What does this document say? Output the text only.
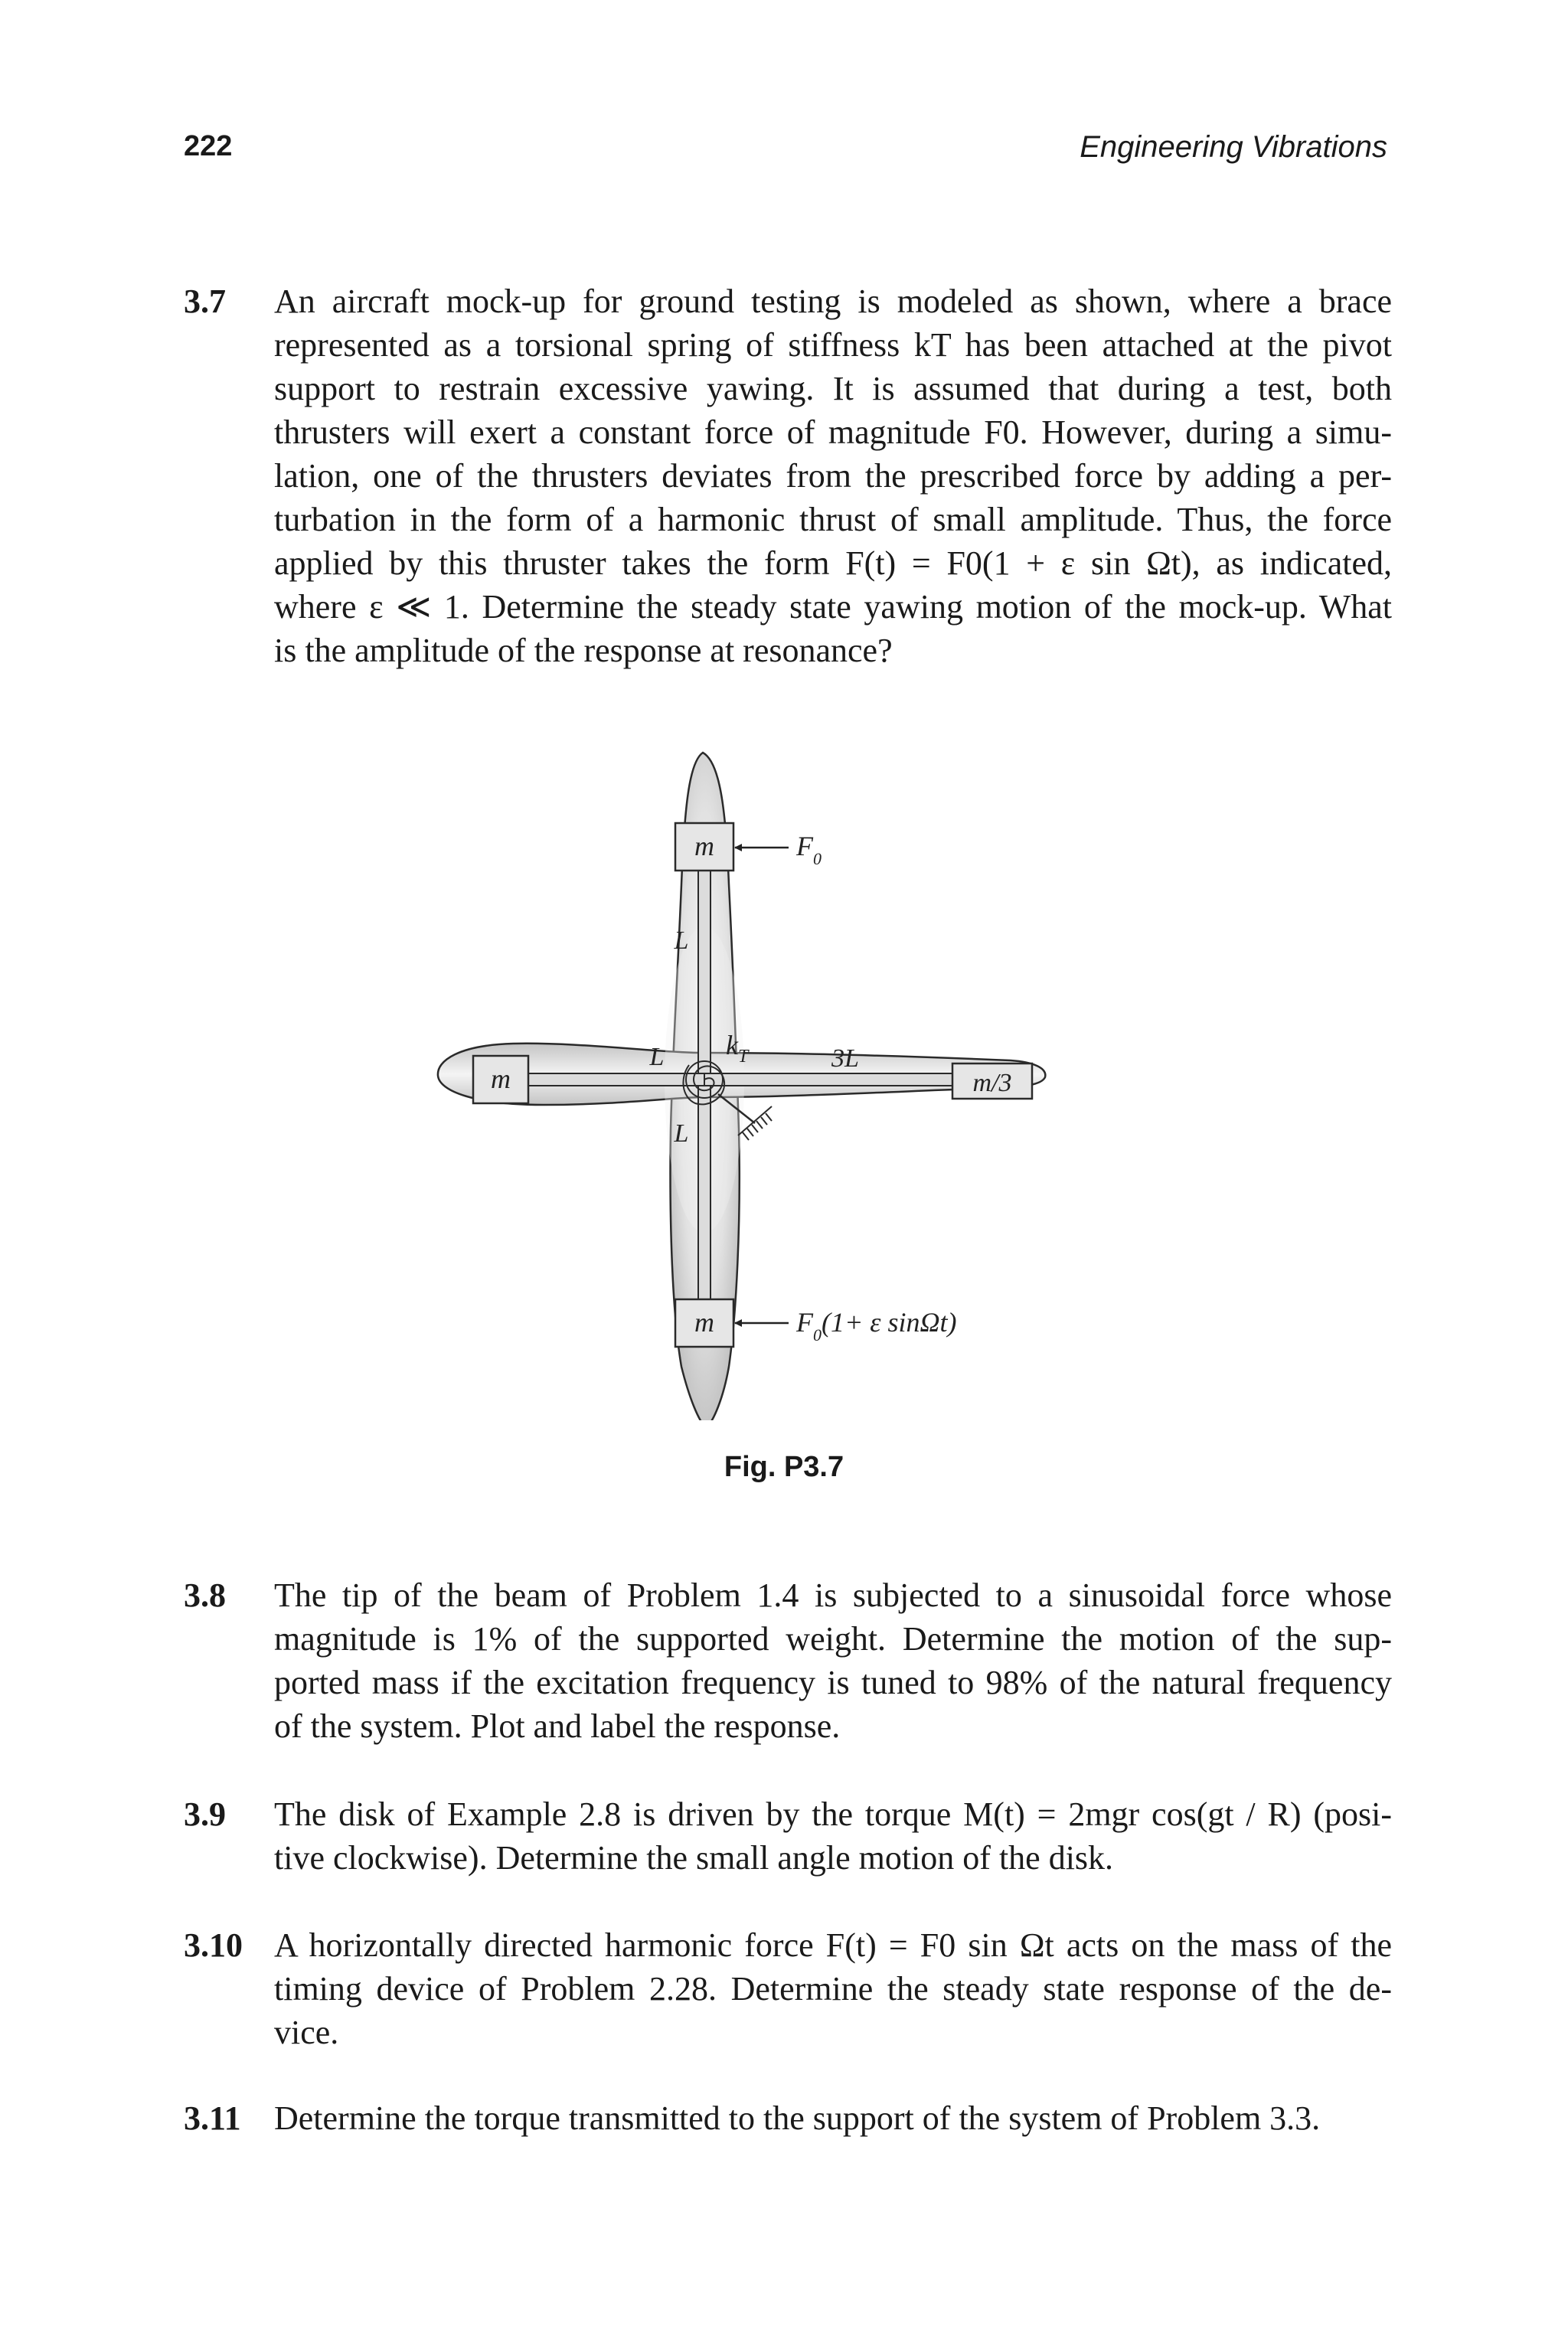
222	Engineering Vibrations
3.7 An aircraft mock-up for ground testing is modeled as shown, where a brace
represented as a torsional spring of stiffness kT has been attached at the pivot
support to restrain excessive yawing. It is assumed that during a test, both
thrusters will exert a constant force of magnitude F0. However, during a simu-
lation, one of the thrusters deviates from the prescribed force by adding a per-
turbation in the form of a harmonic thrust of small amplitude. Thus, the force
applied by this thruster takes the form F(t) = F0(1 + ε sin Ωt), as indicated,
where ε ≪ 1. Determine the steady state yawing motion of the mock-up. What
is the amplitude of the response at resonance?
m
m
m
m/3
L
L
L
3L
$k_T$
$F_0$
$F_0(1+ \varepsilon$ sinΩt)
Fig. P3.7
3.8 The tip of the beam of Problem 1.4 is subjected to a sinusoidal force whose
magnitude is 1% of the supported weight. Determine the motion of the sup-
ported mass if the excitation frequency is tuned to 98% of the natural frequency
of the system. Plot and label the response.
3.9 The disk of Example 2.8 is driven by the torque M(t) = 2mgr cos(gt / R) (posi-
tive clockwise). Determine the small angle motion of the disk.
3.10 A horizontally directed harmonic force F(t) = F0 sin Ωt acts on the mass of the
timing device of Problem 2.28. Determine the steady state response of the de-
vice.
3.11 Determine the torque transmitted to the support of the system of Problem 3.3.
